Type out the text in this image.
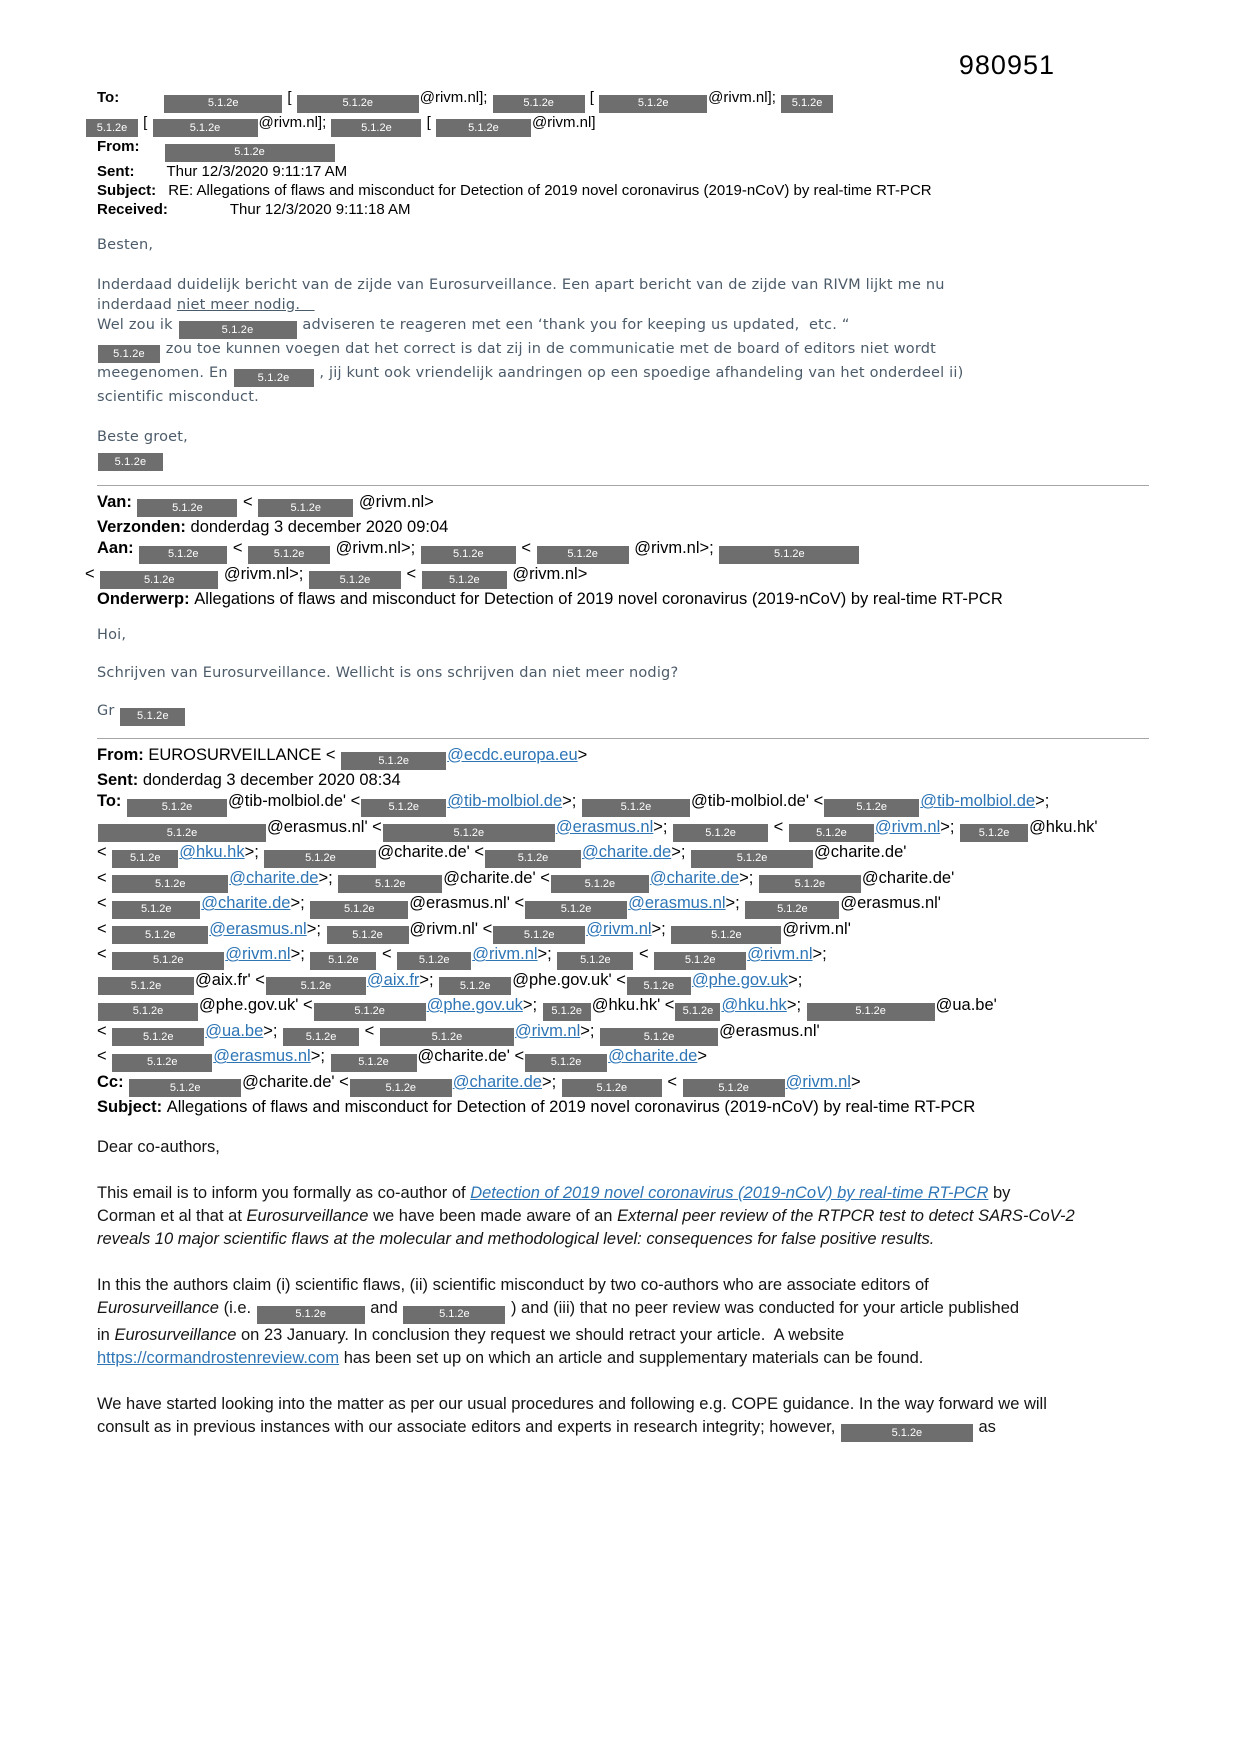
980951
To:	5.1.2e	[	5.1.2e	@rivm.nl];	5.1.2e [	5.1.2e	@rivm.nl]; 5.1.2e
5.1.2e [	5.1.2e	@rivm.nl];	5.1.2e [	5.1.2e @rivm.nl]
From:	5.1.2e
Sent: Thur 12/3/2020 9:11:17 AM
Subject: RE: Allegations of flaws and misconduct for Detection of 2019 novel coronavirus (2019-nCoV) by real-time RT-PCR
Received:	Thur 12/3/2020 9:11:18 AM
Besten,
Inderdaad duidelijk bericht van de zijde van Eurosurveillance. Een apart bericht van de zijde van RIVM lijkt me nu
inderdaad niet meer nodig.
Wel zou ik	5.1.2e	adviseren te reageren met een ‘thank you for keeping us updated,  etc. “
5.1.2e zou toe kunnen voegen dat het correct is dat zij in de communicatie met de board of editors niet wordt
meegenomen. En 5.1.2e , jij kunt ook vriendelijk aandringen op een spoedige afhandeling van het onderdeel ii)
scientific misconduct.
Beste groet,
5.1.2e
Van:	5.1.2e <	5.1.2e @rivm.nl>
Verzonden: donderdag 3 december 2020 09:04
Aan:	5.1.2e < 5.1.2e @rivm.nl>;	5.1.2e <	5.1.2e @rivm.nl>;	5.1.2e
<	5.1.2e	@rivm.nl>;	5.1.2e <	5.1.2e @rivm.nl>
Onderwerp: Allegations of flaws and misconduct for Detection of 2019 novel coronavirus (2019-nCoV) by real-time RT-PCR
Hoi,
Schrijven van Eurosurveillance. Wellicht is ons schrijven dan niet meer nodig?
Gr 5.1.2e
From: EUROSURVEILLANCE <	5.1.2e @ecdc.europa.eu>
Sent: donderdag 3 december 2020 08:34
To:	5.1.2e @tib-molbiol.de' <	5.1.2e @tib-molbiol.de>;	5.1.2e @tib-molbiol.de' <	5.1.2e @tib-molbiol.de>;
5.1.2e	@erasmus.nl' <	5.1.2e	@erasmus.nl>;	5.1.2e <	5.1.2e @rivm.nl>; 5.1.2e @hku.hk'
< 5.1.2e @hku.hk>;	5.1.2e	@charite.de' <	5.1.2e @charite.de>;	5.1.2e	@charite.de'
<	5.1.2e	@charite.de>;	5.1.2e @charite.de' <	5.1.2e @charite.de>;	5.1.2e @charite.de'
<	5.1.2e @charite.de>;	5.1.2e @erasmus.nl' <	5.1.2e @erasmus.nl>;	5.1.2e @erasmus.nl'
<	5.1.2e @erasmus.nl>; 5.1.2e @rivm.nl' <	5.1.2e @rivm.nl>;	5.1.2e @rivm.nl'
<	5.1.2e	@rivm.nl>; 5.1.2e < 5.1.2e @rivm.nl>; 5.1.2e <	5.1.2e @rivm.nl>;
5.1.2e @aix.fr' <	5.1.2e @aix.fr>; 5.1.2e @phe.gov.uk' < 5.1.2e @phe.gov.uk>;
5.1.2e @phe.gov.uk' <	5.1.2e	@phe.gov.uk>; 5.1.2e @hku.hk' < 5.1.2e @hku.hk>;	5.1.2e	@ua.be'
<	5.1.2e @ua.be>; 5.1.2e <	5.1.2e	@rivm.nl>;	5.1.2e	@erasmus.nl'
<	5.1.2e @erasmus.nl>;	5.1.2e @charite.de' < 5.1.2e @charite.de>
Cc:	5.1.2e	@charite.de' <	5.1.2e @charite.de>;	5.1.2e <	5.1.2e @rivm.nl>
Subject: Allegations of flaws and misconduct for Detection of 2019 novel coronavirus (2019-nCoV) by real-time RT-PCR
Dear co-authors,
This email is to inform you formally as co-author of Detection of 2019 novel coronavirus (2019-nCoV) by real-time RT-PCR by
Corman et al that at Eurosurveillance we have been made aware of an External peer review of the RTPCR test to detect SARS-CoV-2
reveals 10 major scientific flaws at the molecular and methodological level: consequences for false positive results.
In this the authors claim (i) scientific flaws, (ii) scientific misconduct by two co-authors who are associate editors of
Eurosurveillance (i.e.	5.1.2e and	5.1.2e ) and (iii) that no peer review was conducted for your article published
in Eurosurveillance on 23 January. In conclusion they request we should retract your article.  A website
https://cormandrostenreview.com has been set up on which an article and supplementary materials can be found.
We have started looking into the matter as per our usual procedures and following e.g. COPE guidance. In the way forward we will
consult as in previous instances with our associate editors and experts in research integrity; however,	5.1.2e	as
